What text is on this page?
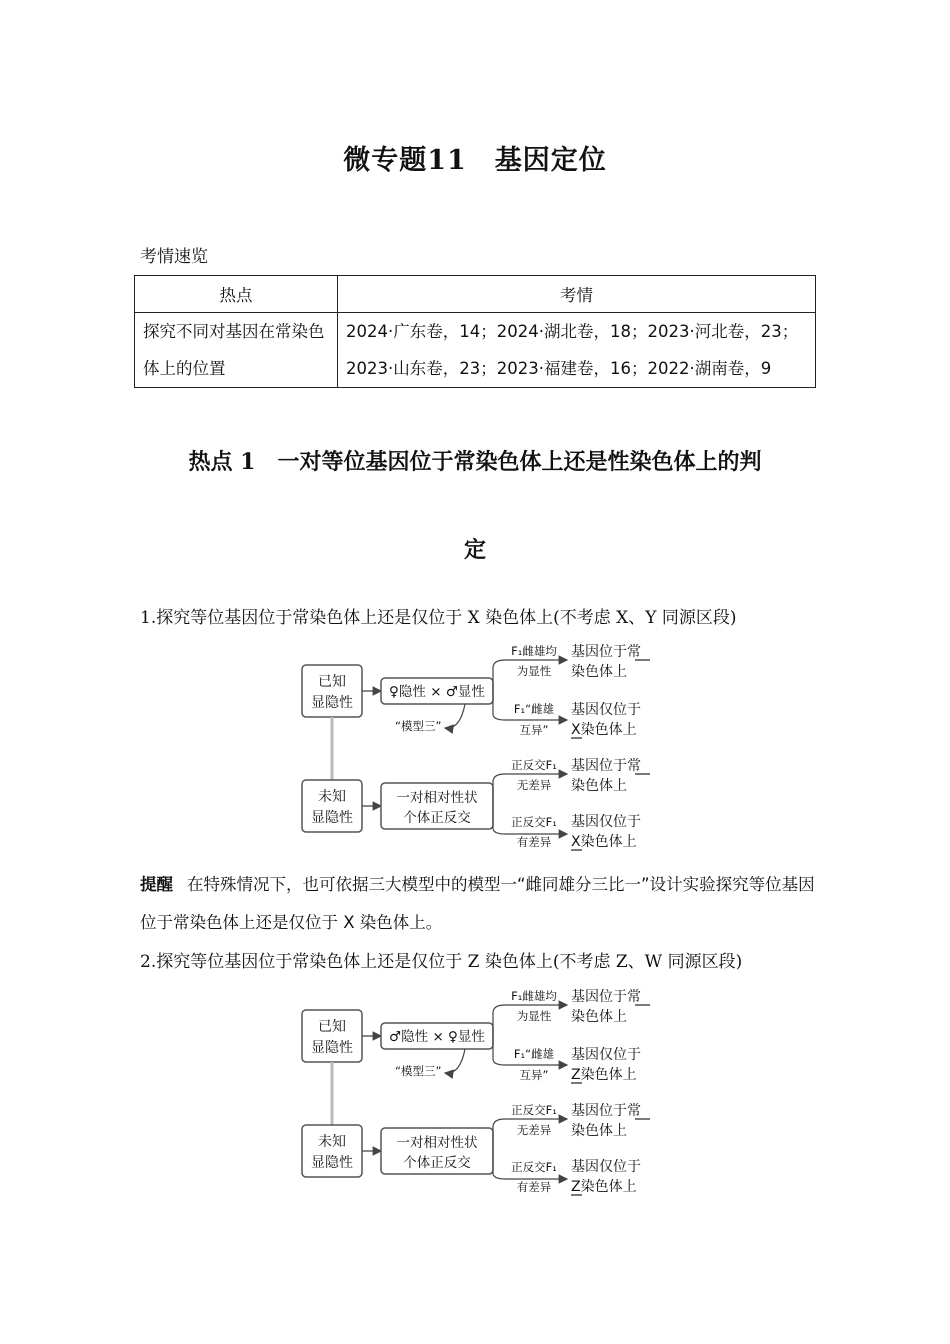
微专题11　基因定位
考情速览
热点	考情
探究不同对基因在常染色体上的位置	2024·广东卷，14；2024·湖北卷，18；2023·河北卷，23；2023·山东卷，23；2023·福建卷，16；2022·湖南卷，9
热点 1　一对等位基因位于常染色体上还是性染色体上的判
定
1.探究等位基因位于常染色体上还是仅位于 X 染色体上(不考虑 X、Y 同源区段)
已知
显隐性
♀隐性 × ♂显性
“模型三”
F₁雌雄均
为显性
F₁“雌雄
互异”
基因位于常
染色体上
基因仅位于
X染色体上
未知
显隐性
一对相对性状
个体正反交
正反交F₁
无差异
正反交F₁
有差异
基因位于常
染色体上
基因仅位于
X染色体上
提醒 在特殊情况下，也可依据三大模型中的模型一“雌同雄分三比一”设计实验探究等位基因位于常染色体上还是仅位于 X 染色体上。
2.探究等位基因位于常染色体上还是仅位于 Z 染色体上(不考虑 Z、W 同源区段)
已知
显隐性
♂隐性 × ♀显性
“模型三”
F₁雌雄均
为显性
F₁“雌雄
互异”
基因位于常
染色体上
基因仅位于
Z染色体上
未知
显隐性
一对相对性状
个体正反交
正反交F₁
无差异
正反交F₁
有差异
基因位于常
染色体上
基因仅位于
Z染色体上
